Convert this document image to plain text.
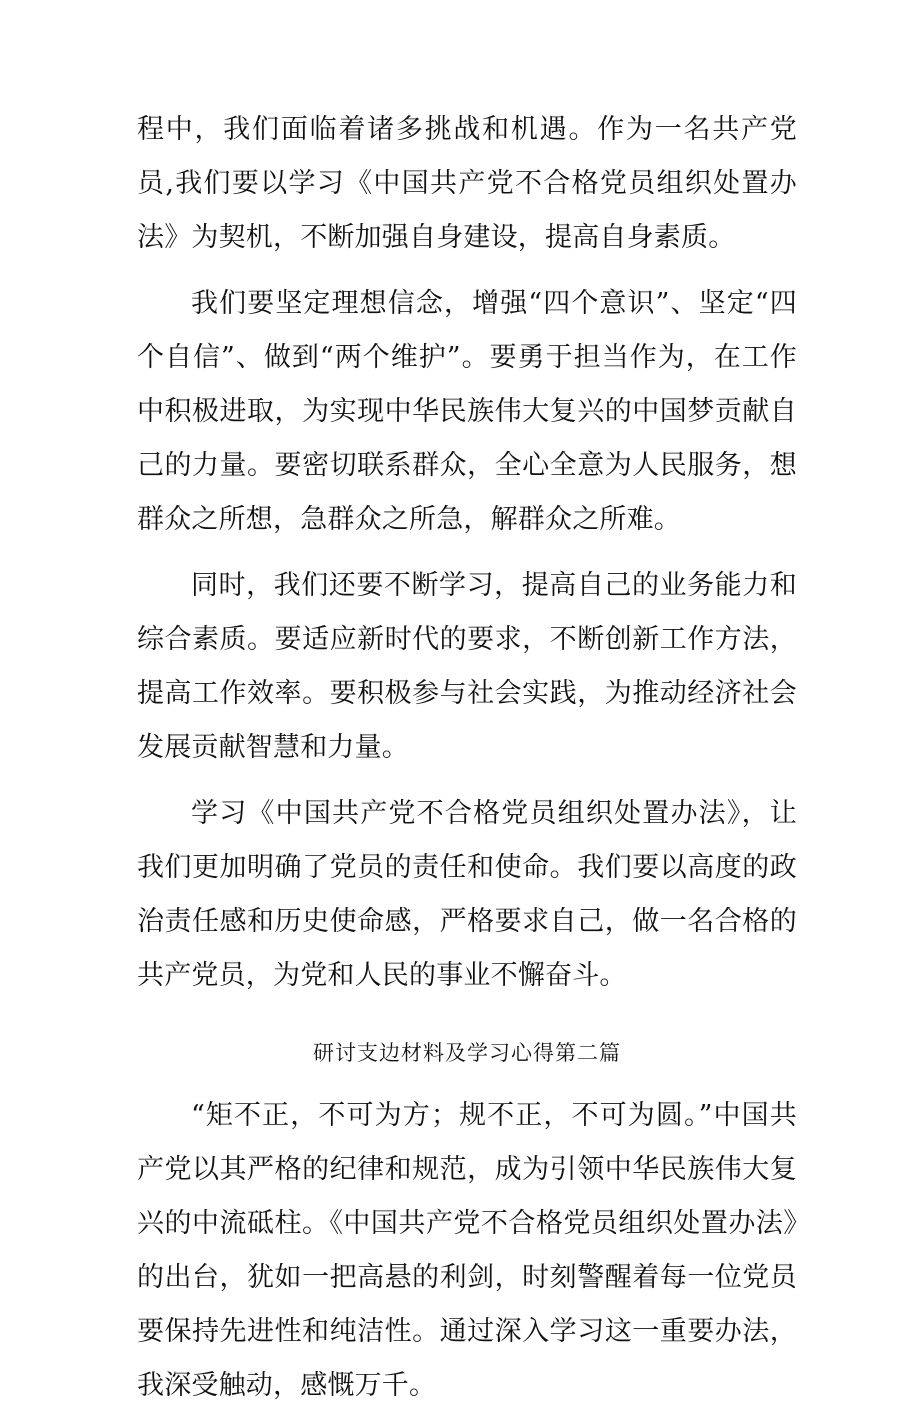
程中，我们面临着诸多挑战和机遇。作为一名共产党员,我们要以学习《中国共产党不合格党员组织处置办法》为契机，不断加强自身建设，提高自身素质。

我们要坚定理想信念，增强“四个意识”、坚定“四个自信”、做到“两个维护”。要勇于担当作为，在工作中积极进取，为实现中华民族伟大复兴的中国梦贡献自己的力量。要密切联系群众，全心全意为人民服务，想群众之所想，急群众之所急，解群众之所难。

同时，我们还要不断学习，提高自己的业务能力和综合素质。要适应新时代的要求，不断创新工作方法，提高工作效率。要积极参与社会实践，为推动经济社会发展贡献智慧和力量。

学习《中国共产党不合格党员组织处置办法》，让我们更加明确了党员的责任和使命。我们要以高度的政治责任感和历史使命感，严格要求自己，做一名合格的共产党员，为党和人民的事业不懈奋斗。

研讨支边材料及学习心得第二篇

“矩不正，不可为方；规不正，不可为圆。”中国共产党以其严格的纪律和规范，成为引领中华民族伟大复兴的中流砥柱。《中国共产党不合格党员组织处置办法》的出台，犹如一把高悬的利剑，时刻警醒着每一位党员要保持先进性和纯洁性。通过深入学习这一重要办法，我深受触动，感慨万千。
